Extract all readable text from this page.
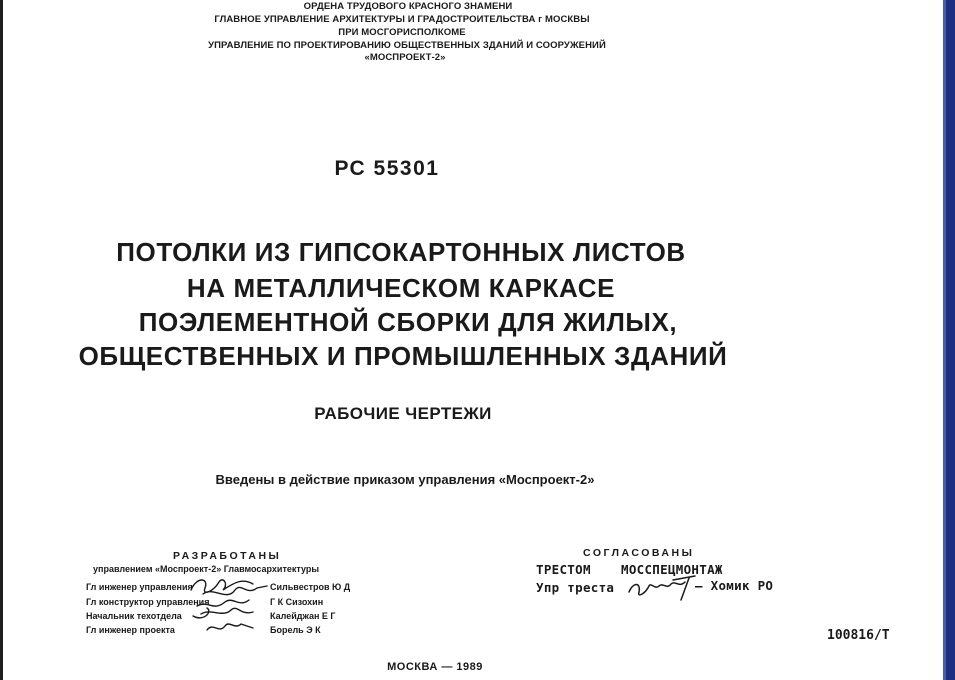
ОРДЕНА ТРУДОВОГО КРАСНОГО ЗНАМЕНИ
ГЛАВНОЕ УПРАВЛЕНИЕ АРХИТЕКТУРЫ И ГРАДОСТРОИТЕЛЬСТВА г МОСКВЫ
ПРИ МОСГОРИСПОЛКОМЕ
УПРАВЛЕНИЕ ПО ПРОЕКТИРОВАНИЮ ОБЩЕСТВЕННЫХ ЗДАНИЙ И СООРУЖЕНИЙ
«МОСПРОЕКТ-2»
РС 55301
ПОТОЛКИ ИЗ ГИПСОКАРТОННЫХ ЛИСТОВ
НА МЕТАЛЛИЧЕСКОМ КАРКАСЕ
ПОЭЛЕМЕНТНОЙ СБОРКИ ДЛЯ ЖИЛЫХ,
ОБЩЕСТВЕННЫХ И ПРОМЫШЛЕННЫХ ЗДАНИЙ
РАБОЧИЕ ЧЕРТЕЖИ
Введены в действие приказом управления «Моспроект-2»
РАЗРАБОТАНЫ
управлением «Моспроект-2» Главмосархитектуры
Гл инженер управления
Гл конструктор управления
Начальник техотдела
Гл инженер проекта
Сильвестров Ю Д
Г К Сизохин
Калейджан Е Г
Борель Э К
СОГЛАСОВАНЫ
ТРЕСТОМ МОССПЕЦМОНТАЖ
Упр треста	— Хомик РО
МОСКВА — 1989
100816/Т
